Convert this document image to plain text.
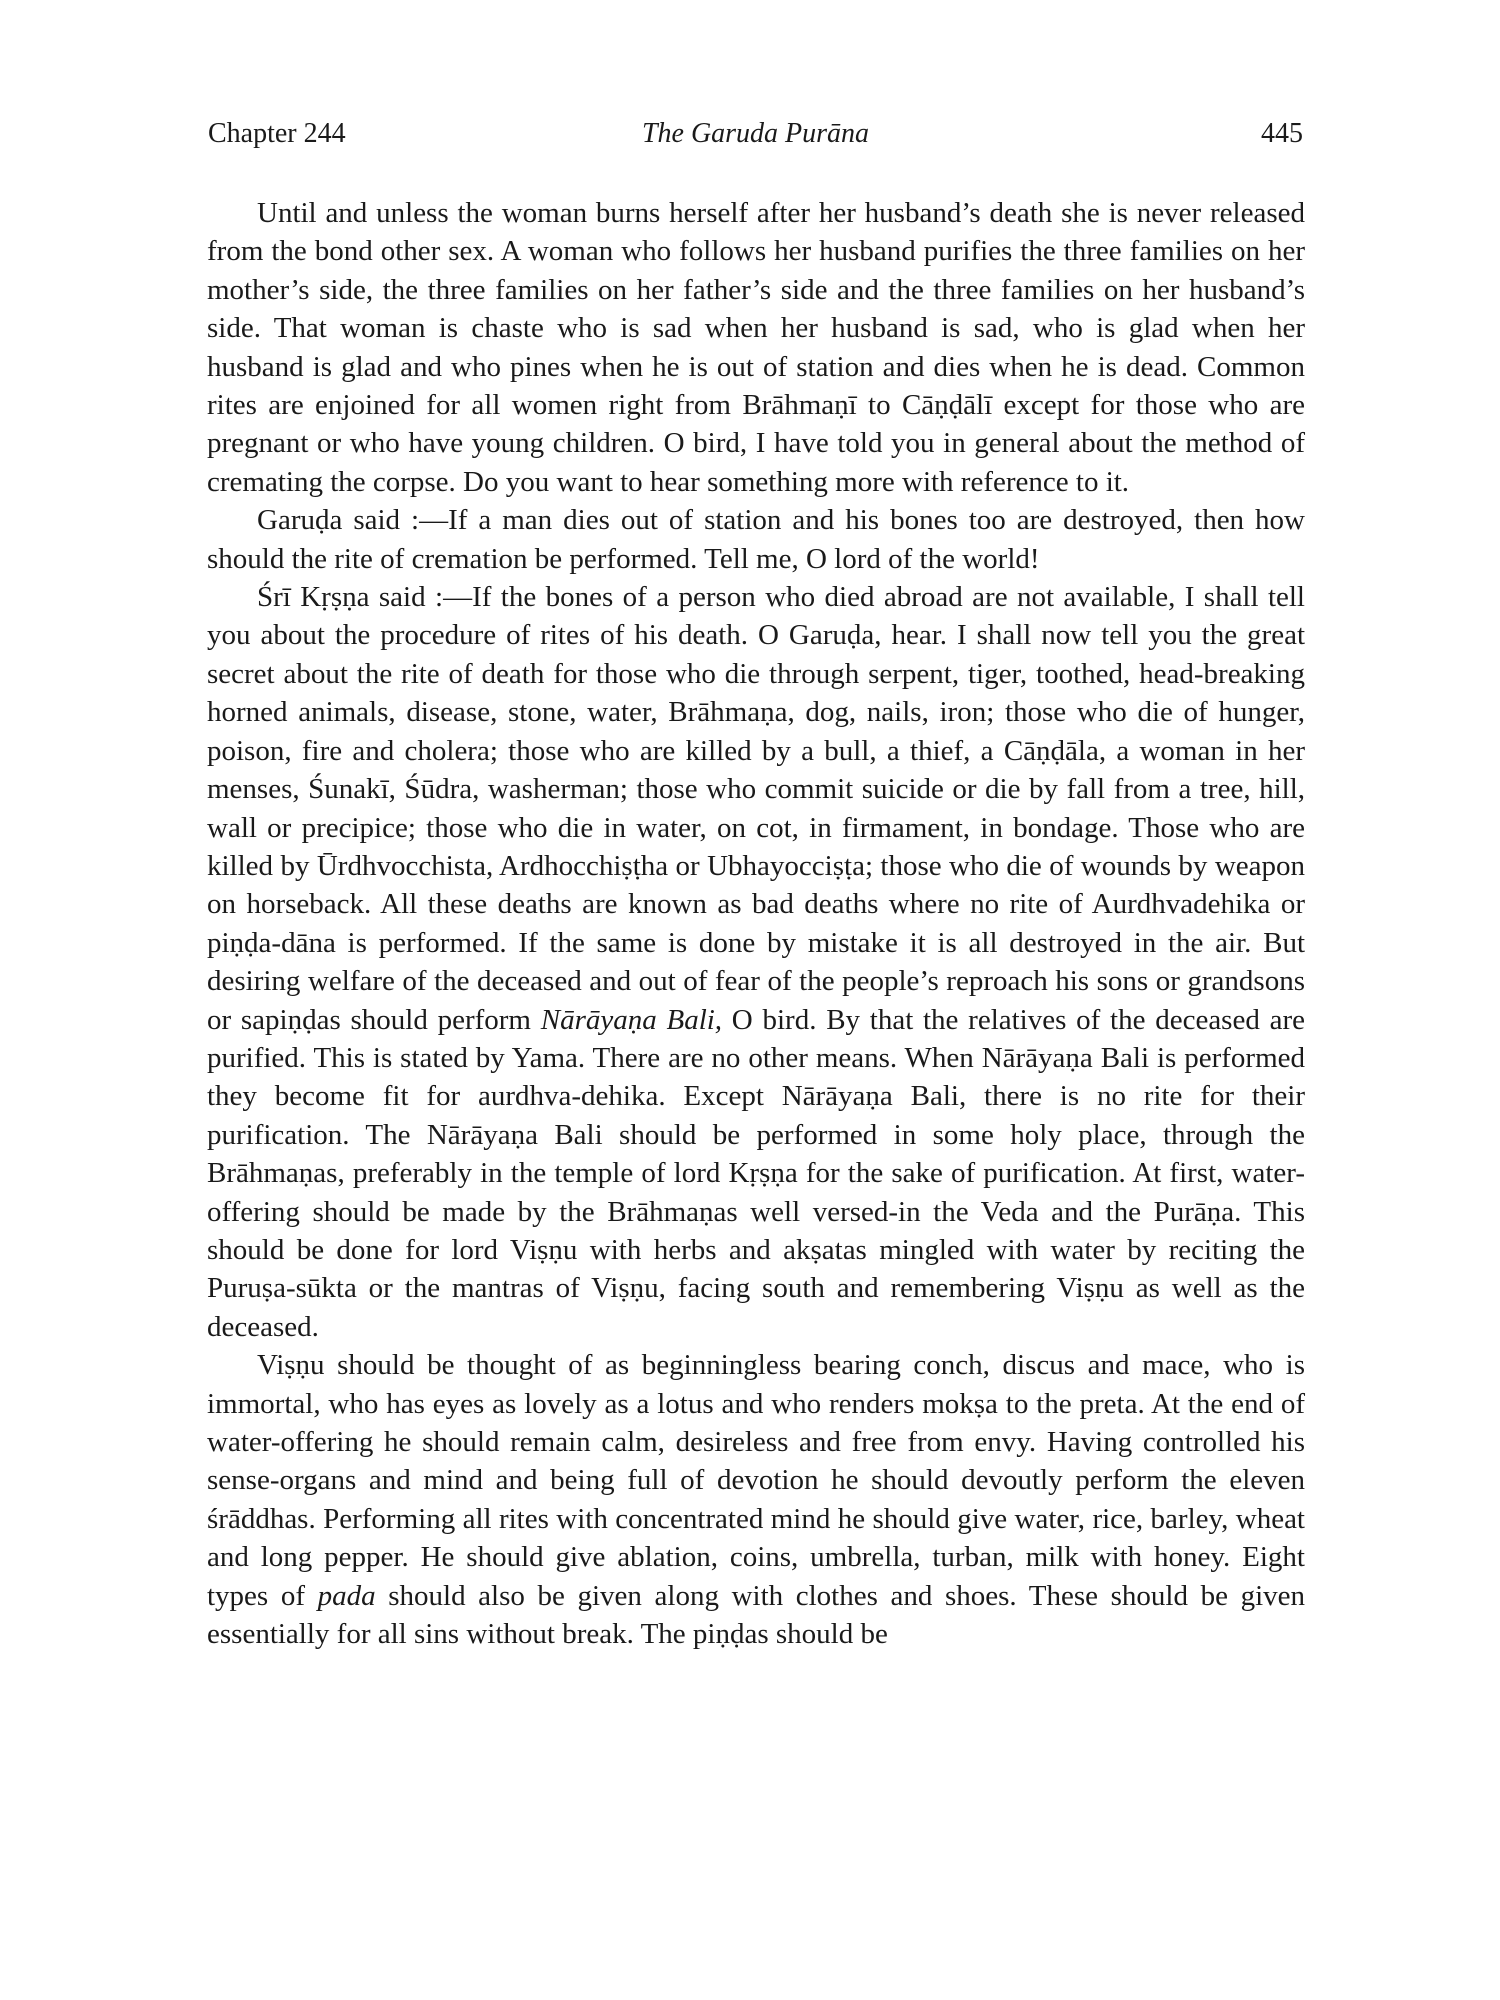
Chapter 244	The Garuda Purāna	445

Until and unless the woman burns herself after her husband’s death she is never released from the bond other sex. A woman who follows her husband purifies the three families on her mother’s side, the three families on her father’s side and the three families on her husband’s side. That woman is chaste who is sad when her husband is sad, who is glad when her husband is glad and who pines when he is out of station and dies when he is dead. Common rites are enjoined for all women right from Brāhmaṇī to Cāṇḍālī except for those who are pregnant or who have young children. O bird, I have told you in general about the method of cremating the corpse. Do you want to hear something more with reference to it.

Garuḍa said :—If a man dies out of station and his bones too are destroyed, then how should the rite of cremation be performed. Tell me, O lord of the world!

Śrī Kṛṣṇa said :—If the bones of a person who died abroad are not available, I shall tell you about the procedure of rites of his death. O Garuḍa, hear. I shall now tell you the great secret about the rite of death for those who die through serpent, tiger, toothed, head-breaking horned animals, disease, stone, water, Brāhmaṇa, dog, nails, iron; those who die of hunger, poison, fire and cholera; those who are killed by a bull, a thief, a Cāṇḍāla, a woman in her menses, Śunakī, Śūdra, washerman; those who commit suicide or die by fall from a tree, hill, wall or precipice; those who die in water, on cot, in firmament, in bondage. Those who are killed by Ūrdhvocchista, Ardhocchiṣṭha or Ubhayocciṣṭa; those who die of wounds by weapon on horseback. All these deaths are known as bad deaths where no rite of Aurdhvadehika or piṇḍa-dāna is performed. If the same is done by mistake it is all destroyed in the air. But desiring welfare of the deceased and out of fear of the people’s reproach his sons or grandsons or sapiṇḍas should perform Nārāyaṇa Bali, O bird. By that the relatives of the deceased are purified. This is stated by Yama. There are no other means. When Nārāyaṇa Bali is performed they become fit for aurdhva-dehika. Except Nārāyaṇa Bali, there is no rite for their purification. The Nārāyaṇa Bali should be performed in some holy place, through the Brāhmaṇas, preferably in the temple of lord Kṛṣṇa for the sake of purification. At first, water-offering should be made by the Brāhmaṇas well versed-in the Veda and the Purāṇa. This should be done for lord Viṣṇu with herbs and akṣatas mingled with water by reciting the Puruṣa-sūkta or the mantras of Viṣṇu, facing south and remembering Viṣṇu as well as the deceased.

Viṣṇu should be thought of as beginningless bearing conch, discus and mace, who is immortal, who has eyes as lovely as a lotus and who renders mokṣa to the preta. At the end of water-offering he should remain calm, desireless and free from envy. Having controlled his sense-organs and mind and being full of devotion he should devoutly perform the eleven śrāddhas. Performing all rites with concentrated mind he should give water, rice, barley, wheat and long pepper. He should give ablation, coins, umbrella, turban, milk with honey. Eight types of pada should also be given along with clothes and shoes. These should be given essentially for all sins without break. The piṇḍas should be
